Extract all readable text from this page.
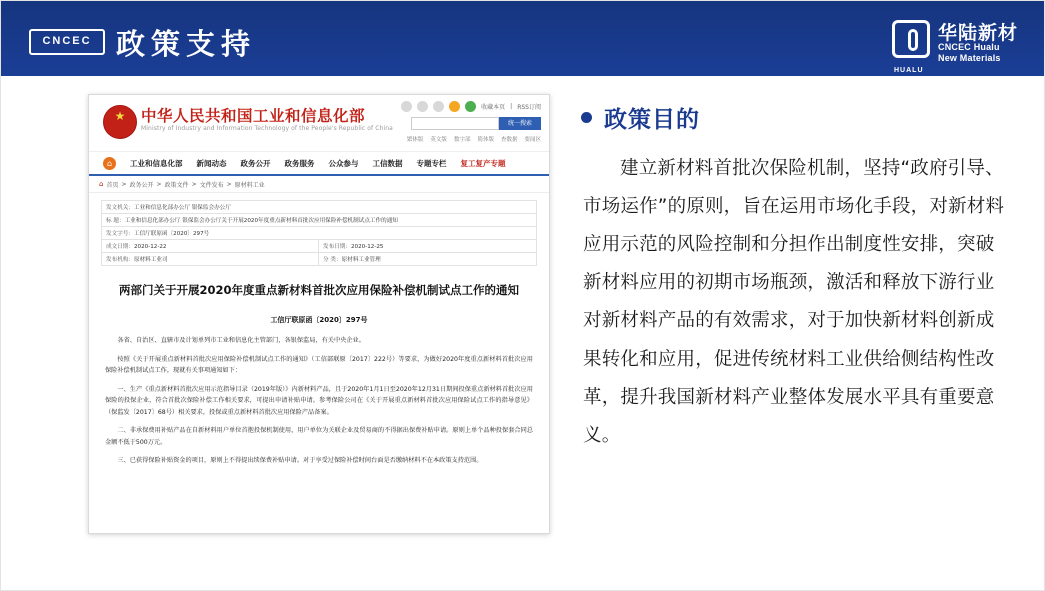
CNCEC 政策支持
HUALU
华陆新材
CNCEC Hualu
New Materials
★
中华人民共和国工业和信息化部
Ministry of Industry and Information Technology of the People's Republic of China
收藏本页 | RSS订阅
统一搜索
繁体版 英文版 数字部 简体版 查数据 要闻区
⌂	工业和信息化部 新闻动态 政务公开 政务服务 公众参与 工信数据 专题专栏 复工复产专题
⌂ 首页 > 政务公开 > 政策文件 > 文件发布 > 原材料工业
发文机关：工业和信息化部办公厅 银保监会办公厅
标 题：工业和信息化部办公厅 银保监会办公厅关于开展2020年度重点新材料首批次应用保险补偿机制试点工作的通知
发文字号：工信厅联原函〔2020〕297号
成文日期：2020-12-22	发布日期：2020-12-25
发布机构：原材料工业司	分 类：原材料工业管理
两部门关于开展2020年度重点新材料首批次应用保险补偿机制试点工作的通知
工信厅联原函〔2020〕297号

各省、自治区、直辖市及计划单列市工业和信息化主管部门，各银保监局，有关中央企业。

按照《关于开展重点新材料首批次应用保险补偿机制试点工作的通知》（工信部联原〔2017〕222号）等要求，为做好2020年度重点新材料首批次应用保险补偿机制试点工作，现就有关事项通知如下：

一、生产《重点新材料首批次应用示范指导目录（2019年版）》内新材料产品，且于2020年1月1日至2020年12月31日期间投保重点新材料首批次应用保险的投保企业，符合首批次保险补偿工作相关要求，可提出申请补贴申请。参考保险公司在《关于开展重点新材料首批次应用保险试点工作的指导意见》（保监发〔2017〕68号）相关要求，投保或重点新材料首批次应用保险产品备案。

二、非承保费用补贴产品在自新材料用户单位首抱投保机制使用，用户单位为关联企业及贸易商的不得据出保费补贴申请。原则上单个品种投保套合同总金额不低于500万元。

三、已获得保险补贴资金的项目，原则上不得提出续保费补贴申请。对于享受过保险补偿时间台面是否缴纳材料不在本政策支持范围。

政策目的
建立新材料首批次保险机制，坚持“政府引导、市场运作”的原则，旨在运用市场化手段，对新材料应用示范的风险控制和分担作出制度性安排，突破新材料应用的初期市场瓶颈，激活和释放下游行业对新材料产品的有效需求，对于加快新材料创新成果转化和应用，促进传统材料工业供给侧结构性改革，提升我国新材料产业整体发展水平具有重要意义。
